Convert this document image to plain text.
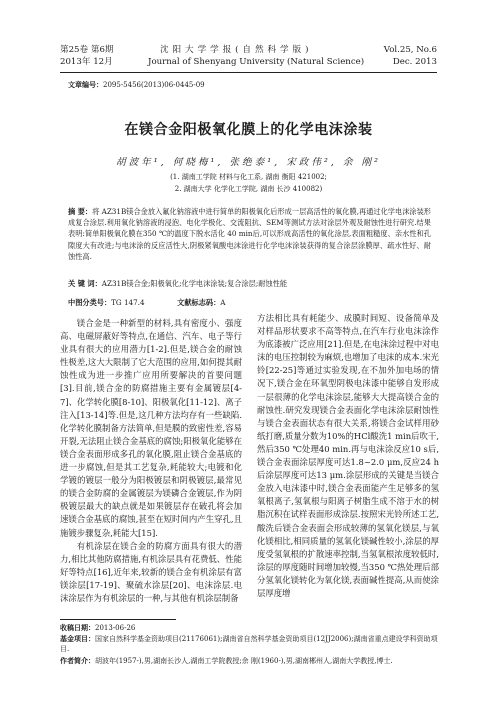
第25卷 第6期	沈 阳 大 学 学 报 ( 自 然 科 学 版 )	Vol.25, No.6
2013年 12月	Journal of Shenyang University (Natural Science)	Dec. 2013
文章编号：2095-5456(2013)06-0445-09
在镁合金阳极氧化膜上的化学电沫涂装
胡波年¹, 何晓梅¹, 张绝泰¹, 宋政伟², 余 刚²
(1. 湖南工学院 材料与化工系, 湖南 衡阳 421002;
2. 湖南大学 化学化工学院, 湖南 长沙 410082)
摘 要：将 AZ31B镁合金放入氟化钠溶液中进行简单的阳极氧化后形成一层高活性的氧化膜,再通过化学电沫涂装形成复合涂层.利用氧化钠溶液的浸泡、电化学极化、交流阻抗、SEM等测试方法对涂层外观及耐蚀性进行研究.结果表明:简单阳极氧化膜在350 ℃的温度下脱水活化 40 min后,可以形成高活性的氧化涂层,表面粗糙度、亲水性和孔隙度大有改进;与电沫涂的反应活性大,阴极紧氧酸电沫涂进行化学电沫涂装获得的复合涂层涂膜厚、疏水性好、耐蚀性高.
关 键 词：AZ31B镁合金;阳极氧化;化学电沫涂装;复合涂层;耐蚀性能
中图分类号：TG 147.4	文献标志码：A

镁合金是一种新型的材料,具有密度小、强度高、电磁屏蔽好等特点,在通信、汽车、电子等行业具有很大的应用潜力[1-2].但是,镁合金的耐蚀性极差,这大大限制了它大范围的应用,如何提其耐蚀性成为进一步推广应用所要解决的首要问题[3].目前,镁合金的防腐措施主要有金属镀层[4-7]、化学转化膜[8-10]、阳极氧化[11-12]、离子注入[13-14]等.但是,这几种方法均存有一些缺陷.化学转化膜制备方法简单,但是膜的致密性差,容易开裂,无法阻止镁合金基底的腐蚀;阳极氧化能够在镁合金表面形成多孔的氧化膜,阻止镁合金基底的进一步腐蚀,但是其工艺复杂,耗能较大;电镀和化学镀的镀层一般分为阳极镀层和阴极镀层,最常见的镁合金防腐的金属镀层为镁磷合金镀层,作为阴极镀层最大的缺点就是如果镀层存在破孔将会加速镁合金基底的腐蚀,甚至在短时间内产生穿孔,且施镀步骤复杂,耗能大[15].

有机涂层在镁合金的防腐方面具有很大的潜力,相比其他防腐措施,有机涂层具有花费低、性能好等特点[16],近年来,较新的镁合金有机涂层有富镁涂层[17-19]、聚硫水涂层[20]、电沫涂层.电沫涂层作为有机涂层的一种,与其他有机涂层制备

方法相比具有耗能少、成膜时间短、设备简单及对样品形状要求不高等特点,在汽车行业电沫涂作为底漆被广泛应用[21].但是,在电沫涂过程中对电沫的电压控制较为麻烦,也增加了电沫的成本.宋光铃[22-25]等通过实验发现,在不加外加电场的情况下,镁合金在环氧型阴极电沫漆中能够自发形成一层很薄的化学电沫涂层,能够大大提高镁合金的耐蚀性.研究发现镁合金表面化学电沫涂层耐蚀性与镁合金表面状态有很大关系,将镁合金试样用砂纸打磨,质量分数为10%的HCl酸洗1 min后吹干,然后350 ℃处理40 min.再与电沫涂反应10 s后,镁合金表面涂层厚度可达1.8~2.0 μm,反应24 h后涂层厚度可达13 μm.涂层形成的关键是当镁合金放入电沫漆中时,镁合金表面能产生足够多的氢氧根离子,氢氧根与阳离子树脂生成不溶于水的树脂沉积在试样表面形成涂层.按照宋光铃所述工艺,酸洗后镁合金表面会形成较薄的氢氧化镁层,与氧化镁相比,相同质量的氢氧化镁碱性较小,涂层的厚度受氢氧根的扩散速率控制,当氢氧根浓度较低时,涂层的厚度随时间增加较慢,当350 ℃热处理后部分氢氧化镁转化为氧化镁,表面碱性提高,从而使涂层厚度增

收稿日期：2013-06-26
基金项目：国家自然科学基金资助项目(21176061);湖南省自然科学基金资助项目(12JJ2006);湖南省重点建设学科资助项目.
作者简介：胡波年(1957-),男,湖南长沙人,湖南工学院教授;余 刚(1960-),男,湖南郴州人,湖南大学教授,博士.
